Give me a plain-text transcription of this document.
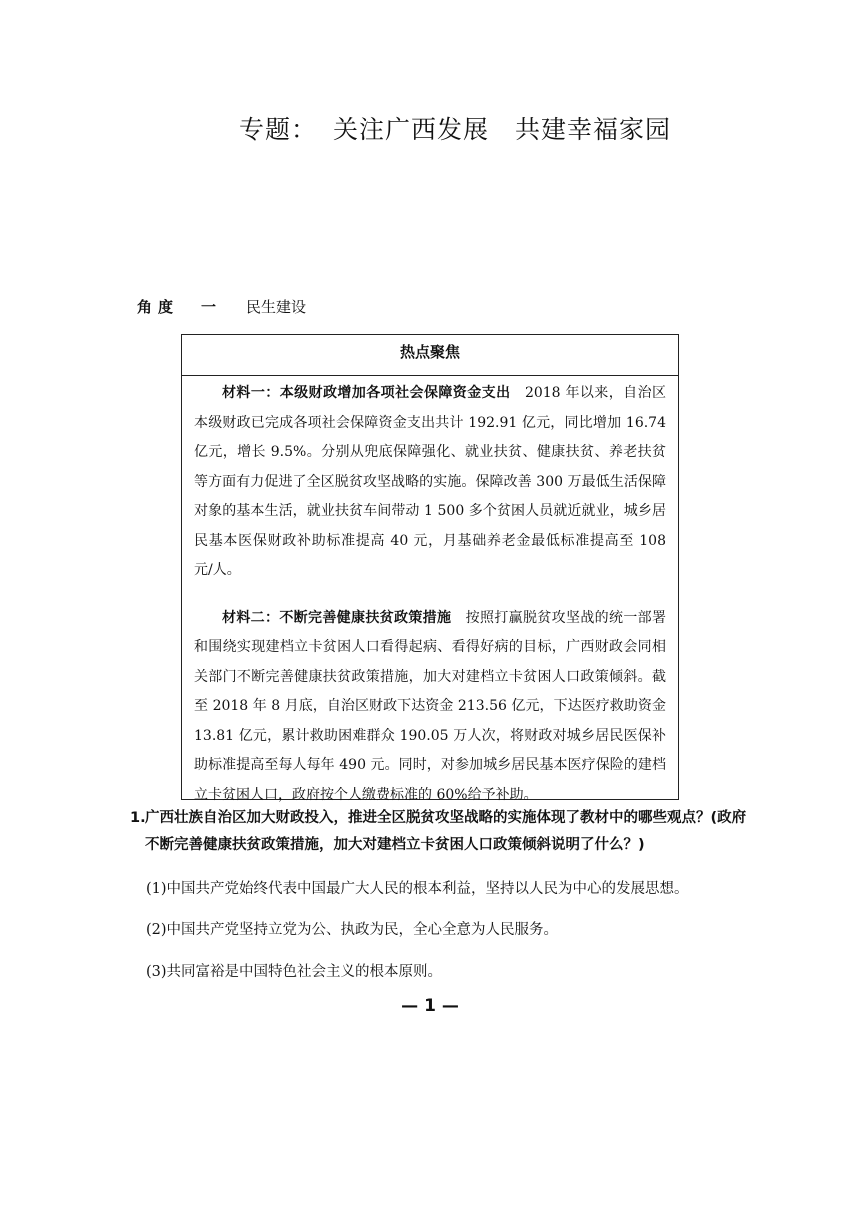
专题： 关注广西发展　共建幸福家园
角度 一 民生建设
热点聚焦

材料一：本级财政增加各项社会保障资金支出　2018 年以来，自治区本级财政已完成各项社会保障资金支出共计 192.91 亿元，同比增加 16.74 亿元，增长 9.5%。分别从兜底保障强化、就业扶贫、健康扶贫、养老扶贫等方面有力促进了全区脱贫攻坚战略的实施。保障改善 300 万最低生活保障对象的基本生活，就业扶贫车间带动 1 500 多个贫困人员就近就业，城乡居民基本医保财政补助标准提高 40 元，月基础养老金最低标准提高至 108 元/人。

材料二：不断完善健康扶贫政策措施　按照打赢脱贫攻坚战的统一部署和围绕实现建档立卡贫困人口看得起病、看得好病的目标，广西财政会同相关部门不断完善健康扶贫政策措施，加大对建档立卡贫困人口政策倾斜。截至 2018 年 8 月底，自治区财政下达资金 213.56 亿元，下达医疗救助资金 13.81 亿元，累计救助困难群众 190.05 万人次，将财政对城乡居民医保补助标准提高至每人每年 490 元。同时，对参加城乡居民基本医疗保险的建档立卡贫困人口，政府按个人缴费标准的 60%给予补助。

1. 广西壮族自治区加大财政投入，推进全区脱贫攻坚战略的实施体现了教材中的哪些观点？(政府不断完善健康扶贫政策措施，加大对建档立卡贫困人口政策倾斜说明了什么？)
(1)中国共产党始终代表中国最广大人民的根本利益，坚持以人民为中心的发展思想。
(2)中国共产党坚持立党为公、执政为民，全心全意为人民服务。
(3)共同富裕是中国特色社会主义的根本原则。
— 1 —
